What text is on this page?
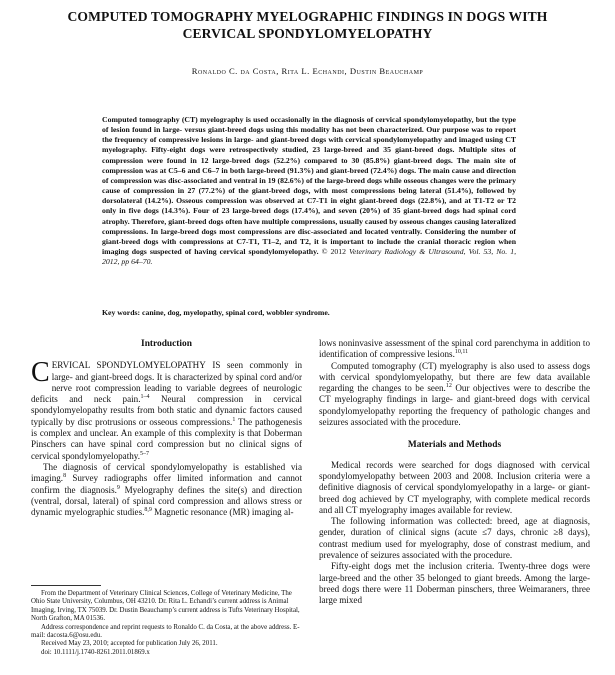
COMPUTED TOMOGRAPHY MYELOGRAPHIC FINDINGS IN DOGS WITH CERVICAL SPONDYLOMYELOPATHY
Ronaldo C. da Costa, Rita L. Echandi, Dustin Beauchamp
Computed tomography (CT) myelography is used occasionally in the diagnosis of cervical spondylomyelopathy, but the type of lesion found in large- versus giant-breed dogs using this modality has not been characterized. Our purpose was to report the frequency of compressive lesions in large- and giant-breed dogs with cervical spondylomyelopathy and imaged using CT myelography. Fifty-eight dogs were retrospectively studied, 23 large-breed and 35 giant-breed dogs. Multiple sites of compression were found in 12 large-breed dogs (52.2%) compared to 30 (85.8%) giant-breed dogs. The main site of compression was at C5–6 and C6–7 in both large-breed (91.3%) and giant-breed (72.4%) dogs. The main cause and direction of compression was disc-associated and ventral in 19 (82.6%) of the large-breed dogs while osseous changes were the primary cause of compression in 27 (77.2%) of the giant-breed dogs, with most compressions being lateral (51.4%), followed by dorsolateral (14.2%). Osseous compression was observed at C7-T1 in eight giant-breed dogs (22.8%), and at T1-T2 or T2 only in five dogs (14.3%). Four of 23 large-breed dogs (17.4%), and seven (20%) of 35 giant-breed dogs had spinal cord atrophy. Therefore, giant-breed dogs often have multiple compressions, usually caused by osseous changes causing lateralized compressions. In large-breed dogs most compressions are disc-associated and located ventrally. Considering the number of giant-breed dogs with compressions at C7-T1, T1–2, and T2, it is important to include the cranial thoracic region when imaging dogs suspected of having cervical spondylomyelopathy. © 2012 Veterinary Radiology & Ultrasound, Vol. 53, No. 1, 2012, pp 64–70.
Key words: canine, dog, myelopathy, spinal cord, wobbler syndrome.
Introduction

CERVICAL SPONDYLOMYELOPATHY IS seen commonly in large- and giant-breed dogs. It is characterized by spinal cord and/or nerve root compression leading to variable degrees of neurologic deficits and neck pain.$^{1-4}$ Neural compression in cervical spondylomyelopathy results from both static and dynamic factors caused typically by disc protrusions or osseous compressions.$^1$ The pathogenesis is complex and unclear. An example of this complexity is that Doberman Pinschers can have spinal cord compression but no clinical signs of cervical spondylomyelopathy.$^{5-7}$

The diagnosis of cervical spondylomyelopathy is established via imaging.$^8$ Survey radiographs offer limited information and cannot confirm the diagnosis.$^9$ Myelography defines the site(s) and direction (ventral, dorsal, lateral) of spinal cord compression and allows stress or dynamic myelographic studies.$^{8,9}$ Magnetic resonance (MR) imaging al-

From the Department of Veterinary Clinical Sciences, College of Veterinary Medicine, The Ohio State University, Columbus, OH 43210. Dr. Rita L. Echandi’s current address is Animal Imaging, Irving, TX 75039. Dr. Dustin Beauchamp’s current address is Tufts Veterinary Hospital, North Grafton, MA 01536.

Address correspondence and reprint requests to Ronaldo C. da Costa, at the above address. E-mail: dacosta.6@osu.edu.

Received May 23, 2010; accepted for publication July 26, 2011.

doi: 10.1111/j.1740-8261.2011.01869.x

lows noninvasive assessment of the spinal cord parenchyma in addition to identification of compressive lesions.$^{10,11}$

Computed tomography (CT) myelography is also used to assess dogs with cervical spondylomyelopathy, but there are few data available regarding the changes to be seen.$^{12}$ Our objectives were to describe the CT myelography findings in large- and giant-breed dogs with cervical spondylomyelopathy reporting the frequency of pathologic changes and seizures associated with the procedure.

Materials and Methods

Medical records were searched for dogs diagnosed with cervical spondylomyelopathy between 2003 and 2008. Inclusion criteria were a definitive diagnosis of cervical spondylomyelopathy in a large- or giant-breed dog achieved by CT myelography, with complete medical records and all CT myelography images available for review.

The following information was collected: breed, age at diagnosis, gender, duration of clinical signs (acute ≤7 days, chronic ≥8 days), contrast medium used for myelography, dose of constrast medium, and prevalence of seizures associated with the procedure.

Fifty-eight dogs met the inclusion criteria. Twenty-three dogs were large-breed and the other 35 belonged to giant breeds. Among the large-breed dogs there were 11 Doberman pinschers, three Weimaraners, three large mixed
